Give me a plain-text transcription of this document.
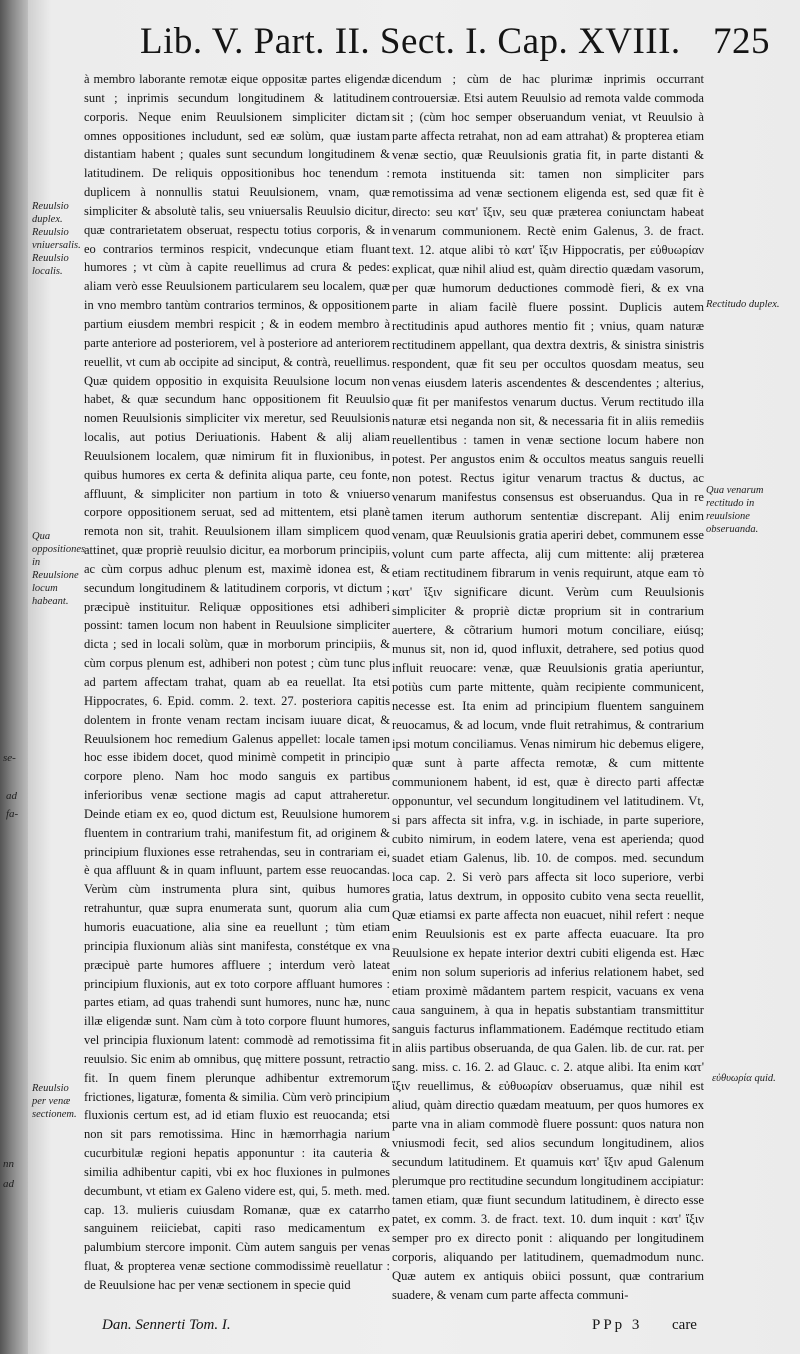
se-
ad
fa-
nn
ad
Lib. V. Part. II. Sect. I. Cap. XVIII. 725
Reuulsio duplex. Reuulsio vniuersalis. Reuulsio localis.
Qua oppositiones in Reuulsione locum habeant.
Reuulsio per venæ sectionem.

à membro laborante remotæ eique oppositæ partes eligendæ sunt ; inprimis secundum longitudinem & latitudinem corporis. Neque enim Reuulsionem simpliciter dictam omnes oppositiones includunt, sed eæ solùm, quæ iustam distantiam habent ; quales sunt secundum longitudinem & latitudinem. De reliquis oppositionibus hoc tenendum : duplicem à nonnullis statui Reuulsionem, vnam, quæ simpliciter & absolutè talis, seu vniuersalis Reuulsio dicitur, quæ contrarietatem obseruat, respectu totius corporis, & in eo contrarios terminos respicit, vndecunque etiam fluant humores ; vt cùm à capite reuellimus ad crura & pedes: aliam verò esse Reuulsionem particularem seu localem, quæ in vno membro tantùm contrarios terminos, & oppositionem partium eiusdem membri respicit ; & in eodem membro à parte anteriore ad posteriorem, vel à posteriore ad anteriorem reuellit, vt cum ab occipite ad sinciput, & contrà, reuellimus. Quæ quidem oppositio in exquisita Reuulsione locum non habet, & quæ secundum hanc oppositionem fit Reuulsio nomen Reuulsionis simpliciter vix meretur, sed Reuulsionis localis, aut potius Deriuationis. Habent & alij aliam Reuulsionem localem, quæ nimirum fit in fluxionibus, in quibus humores ex certa & definita aliqua parte, ceu fonte, affluunt, & simpliciter non partium in toto & vniuerso corpore oppositionem seruat, sed ad mittentem, etsi planè remota non sit, trahit. Reuulsionem illam simplicem quod attinet, quæ propriè reuulsio dicitur, ea morborum principiis, ac cùm corpus adhuc plenum est, maximè idonea est, & secundum longitudinem & latitudinem corporis, vt dictum ; præcipuè instituitur. Reliquæ oppositiones etsi adhiberi possint: tamen locum non habent in Reuulsione simpliciter dicta ; sed in locali solùm, quæ in morborum principiis, & cùm corpus plenum est, adhiberi non potest ; cùm tunc plus ad partem affectam trahat, quam ab ea reuellat. Ita etsi Hippocrates, 6. Epid. comm. 2. text. 27. posteriora capitis dolentem in fronte venam rectam incisam iuuare dicat, & Reuulsionem hoc remedium Galenus appellet: locale tamen hoc esse ibidem docet, quod minimè competit in principio corpore pleno. Nam hoc modo sanguis ex partibus inferioribus venæ sectione magis ad caput attraheretur. Deinde etiam ex eo, quod dictum est, Reuulsione humorem fluentem in contrarium trahi, manifestum fit, ad originem & principium fluxiones esse retrahendas, seu in contrariam ei, è qua affluunt & in quam influunt, partem esse reuocandas. Verùm cùm instrumenta plura sint, quibus humores retrahuntur, quæ supra enumerata sunt, quorum alia cum humoris euacuatione, alia sine ea reuellunt ; tùm etiam principia fluxionum aliàs sint manifesta, constétque ex vna præcipuè parte humores affluere ; interdum verò lateat principium fluxionis, aut ex toto corpore affluant humores : partes etiam, ad quas trahendi sunt humores, nunc hæ, nunc illæ eligendæ sunt. Nam cùm à toto corpore fluunt humores, vel principia fluxionum latent: commodè ad remotissima fit reuulsio. Sic enim ab omnibus, quę mittere possunt, retractio fit. In quem finem plerunque adhibentur extremorum frictiones, ligaturæ, fomenta & similia. Cùm verò principium fluxionis certum est, ad id etiam fluxio est reuocanda; etsi non sit pars remotissima. Hinc in hæmorrhagia narium cucurbitulæ regioni hepatis apponuntur : ita cauteria & similia adhibentur capiti, vbi ex hoc fluxiones in pulmones decumbunt, vt etiam ex Galeno videre est, qui, 5. meth. med. cap. 13. mulieris cuiusdam Romanæ, quæ ex catarrho sanguinem reiiciebat, capiti raso medicamentum ex palumbium stercore imponit. Cùm autem sanguis per venas fluat, & propterea venæ sectione commodissimè reuellatur : de Reuulsione hac per venæ sectionem in specie quid

dicendum ; cùm de hac plurimæ inprimis occurrant controuersiæ. Etsi autem Reuulsio ad remota valde commoda sit ; (cùm hoc semper obseruandum veniat, vt Reuulsio à parte affecta retrahat, non ad eam attrahat) & propterea etiam venæ sectio, quæ Reuulsionis gratia fit, in parte distanti & remota instituenda sit: tamen non simpliciter pars remotissima ad venæ sectionem eligenda est, sed quæ fit è directo: seu κατ' ἴξιν, seu quæ præterea coniunctam habeat venarum communionem. Rectè enim Galenus, 3. de fract. text. 12. atque alibi τὸ κατ' ἴξιν Hippocratis, per εὐθυωρίαν explicat, quæ nihil aliud est, quàm directio quædam vasorum, per quæ humorum deductiones commodè fieri, & ex vna parte in aliam facilè fluere possint. Duplicis autem rectitudinis apud authores mentio fit ; vnius, quam naturæ rectitudinem appellant, qua dextra dextris, & sinistra sinistris respondent, quæ fit seu per occultos quosdam meatus, seu venas eiusdem lateris ascendentes & descendentes ; alterius, quæ fit per manifestos venarum ductus. Verum rectitudo illa naturæ etsi neganda non sit, & necessaria fit in aliis remediis reuellentibus : tamen in venæ sectione locum habere non potest. Per angustos enim & occultos meatus sanguis reuelli non potest. Rectus igitur venarum tractus & ductus, ac venarum manifestus consensus est obseruandus. Qua in re tamen iterum authorum sententiæ discrepant. Alij enim venam, quæ Reuulsionis gratia aperiri debet, communem esse volunt cum parte affecta, alij cum mittente: alij præterea etiam rectitudinem fibrarum in venis requirunt, atque eam τὸ κατ' ἴξιν significare dicunt. Verùm cum Reuulsionis simpliciter & propriè dictæ proprium sit in contrarium auertere, & cõtrarium humori motum conciliare, eiúsq; munus sit, non id, quod influxit, detrahere, sed potius quod influit reuocare: venæ, quæ Reuulsionis gratia aperiuntur, potiùs cum parte mittente, quàm recipiente communicent, necesse est. Ita enim ad principium fluentem sanguinem reuocamus, & ad locum, vnde fluit retrahimus, & contrarium ipsi motum conciliamus. Venas nimirum hic debemus eligere, quæ sunt à parte affecta remotæ, & cum mittente communionem habent, id est, quæ è directo parti affectæ opponuntur, vel secundum longitudinem vel latitudinem. Vt, si pars affecta sit infra, v.g. in ischiade, in parte superiore, cubito nimirum, in eodem latere, vena est aperienda; quod suadet etiam Galenus, lib. 10. de compos. med. secundum loca cap. 2. Si verò pars affecta sit loco superiore, verbi gratia, latus dextrum, in opposito cubito vena secta reuellit, Quæ etiamsi ex parte affecta non euacuet, nihil refert : neque enim Reuulsionis est ex parte affecta euacuare. Ita pro Reuulsione ex hepate interior dextri cubiti eligenda est. Hæc enim non solum superioris ad inferius relationem habet, sed etiam proximè mãdantem partem respicit, vacuans ex vena caua sanguinem, à qua in hepatis substantiam transmittitur sanguis facturus inflammationem. Eadémque rectitudo etiam in aliis partibus obseruanda, de qua Galen. lib. de cur. rat. per sang. miss. c. 16. 2. ad Glauc. c. 2. atque alibi. Ita enim κατ' ἴξιν reuellimus, & εὐθυωρίαν obseruamus, quæ nihil est aliud, quàm directio quædam meatuum, per quos humores ex parte vna in aliam commodè fluere possunt: quos natura non vniusmodi fecit, sed alios secundum longitudinem, alios secundum latitudinem. Et quamuis κατ' ἴξιν apud Galenum plerumque pro rectitudine secundum longitudinem accipiatur: tamen etiam, quæ fiunt secundum latitudinem, è directo esse patet, ex comm. 3. de fract. text. 10. dum inquit : κατ' ἴξιν semper pro ex directo ponit : aliquando per longitudinem corporis, aliquando per latitudinem, quemadmodum nunc. Quæ autem ex antiquis obiici possunt, quæ contrarium suadere, & venam cum parte affecta communi-

Rectitudo duplex.
Qua venarum rectitudo in reuulsione obseruanda.
εὐθυωρία quid.
Dan. Sennerti Tom. I.	PPp 3 care
